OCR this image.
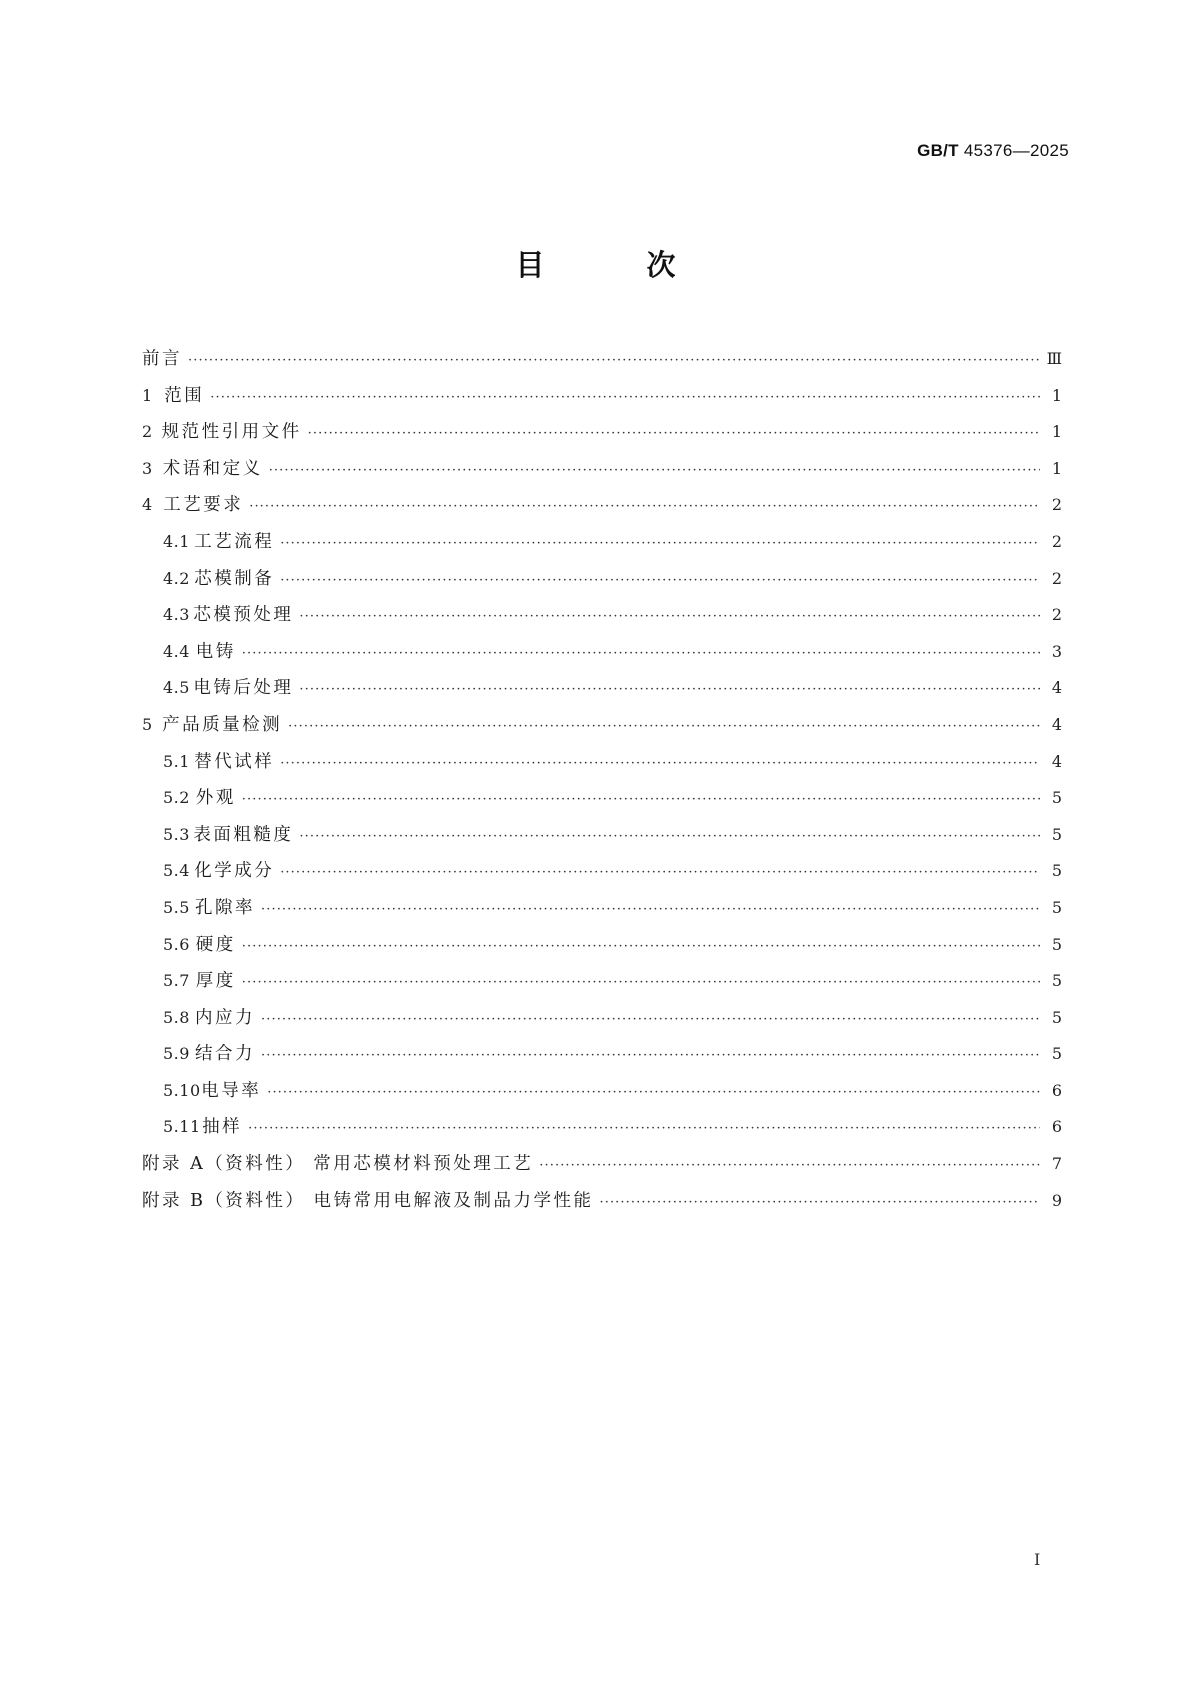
GB/T 45376—2025
目 次
前言 ·····	Ⅲ
1 范围 ·····	1
2 规范性引用文件 ·····	1
3 术语和定义 ·····	1
4 工艺要求 ·····	2
4.1 工艺流程 ·····	2
4.2 芯模制备 ·····	2
4.3 芯模预处理 ·····	2
4.4 电铸 ·····	3
4.5 电铸后处理 ·····	4
5 产品质量检测 ·····	4
5.1 替代试样 ·····	4
5.2 外观 ·····	5
5.3 表面粗糙度 ·····	5
5.4 化学成分 ·····	5
5.5 孔隙率 ·····	5
5.6 硬度 ·····	5
5.7 厚度 ·····	5
5.8 内应力 ·····	5
5.9 结合力 ·····	5
5.10 电导率 ·····	6
5.11 抽样 ·····	6
附录 A（资料性） 常用芯模材料预处理工艺 ·····	7
附录 B（资料性） 电铸常用电解液及制品力学性能 ·····	9
Ⅰ
